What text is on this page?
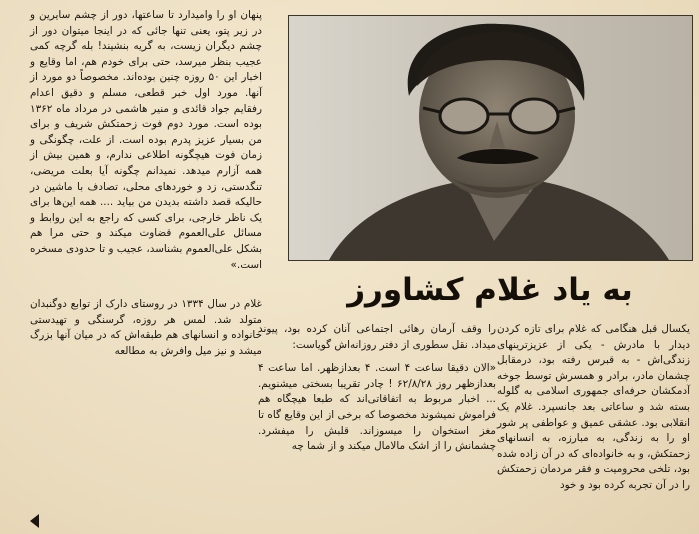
پنهان او را وامیدارد تا ساعتها، دور از چشم سایرین و در زیر پتو، یعنی تنها جائی که در اینجا میتوان دور از چشم دیگران زیست، به گریه بنشیند! بله گرچه کمی عجیب بنظر میرسد، حتی برای خودم هم، اما وقایع و اخبار این ۵۰ روزه چنین بوده‌اند. مخصوصاً دو مورد از آنها. مورد اول خبر قطعی، مسلم و دقیق اعدام رفقایم جواد قائدی و منیر هاشمی در مرداد ماه ۱۳۶۲ بوده است. مورد دوم فوت زحمتکش شریف و برای من بسیار عزیز پدرم بوده است. از علت، چگونگی و زمان فوت هیچگونه اطلاعی ندارم، و همین بیش از همه آزارم میدهد. نمیدانم چگونه آیا بعلت مریضی، تنگدستی، زد و خوردهای محلی، تصادف با ماشین در حالیکه قصد داشته بدیدن من بیاید .... همه این‌ها برای یک ناظر خارجی، برای کسی که راجع به این روابط و مسائل علی‌العموم قضاوت میکند و حتی مرا هم بشکل علی‌العموم بشناسد، عجیب و تا حدودی مسخره است.»

غلام در سال ۱۳۳۴ در روستای دارک از توابع دوگنبدان متولد شد. لمس هر روزه، گرسنگی و تهیدستی خانواده و انسانهای هم طبقه‌اش که در میان آنها بزرگ میشد و نیز میل وافرش به مطالعه

به یاد غلام کشاورز

را وقف آرمان رهائی اجتماعی آنان کرده بود، پیوند میداد. نقل سطوری از دفتر روزانه‌اش گویاست:

«الان دقیقا ساعت ۴ است. ۴ بعدازظهر. اما ساعت ۴ بعدازظهر روز ۶۲/۸/۲۸ ! چادر تقریبا بسختی میشنویم. ... اخبار مربوط به اتفاقاتی‌اند که طبعا هیچگاه هم فراموش نمیشوند مخصوصا که برخی از این وقایع گاه تا مغز استخوان را میسوزاند. قلبش را میفشرد. چشمانش را از اشک مالامال میکند و از شما چه

یکسال قبل هنگامی که غلام برای تازه کردن دیدار با مادرش - یکی از عزیزترینهای زندگی‌اش - به قبرس رفته بود، درمقابل چشمان مادر، برادر و همسرش توسط جوخه آدمکشان حرفه‌ای جمهوری اسلامی به گلوله بسته شد و ساعاتی بعد جانسپرد. غلام یک انقلابی بود. عشقی عمیق و عواطفی پر شور او را به زندگی، به مبارزه، به انسانهای زحمتکش، و به خانواده‌ای که در آن زاده شده بود، تلخی محرومیت و فقر مردمان زحمتکش را در آن تجربه کرده بود و خود
